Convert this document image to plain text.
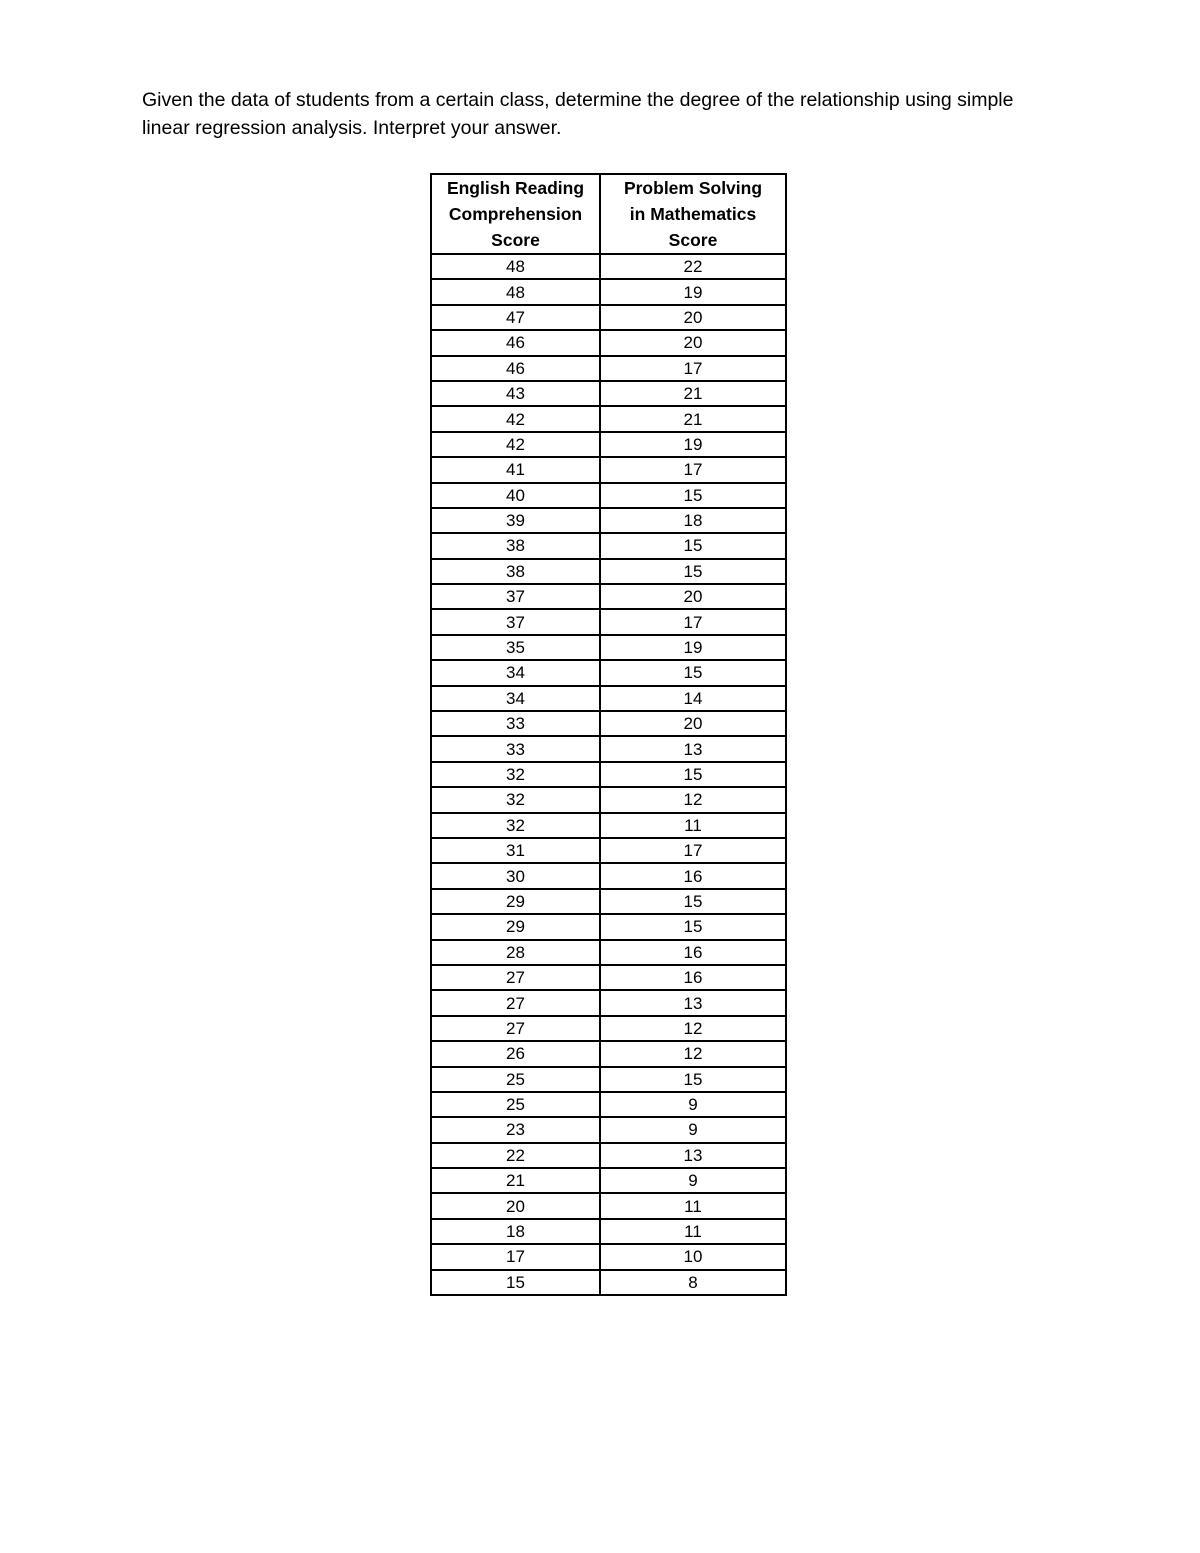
Given the data of students from a certain class, determine the degree of the relationship using simple
linear regression analysis. Interpret your answer.

English Reading
Comprehension
Score	Problem Solving
in Mathematics
Score

48	22
48	19
47	20
46	20
46	17
43	21
42	21
42	19
41	17
40	15
39	18
38	15
38	15
37	20
37	17
35	19
34	15
34	14
33	20
33	13
32	15
32	12
32	11
31	17
30	16
29	15
29	15
28	16
27	16
27	13
27	12
26	12
25	15
25	9
23	9
22	13
21	9
20	11
18	11
17	10
15	8
